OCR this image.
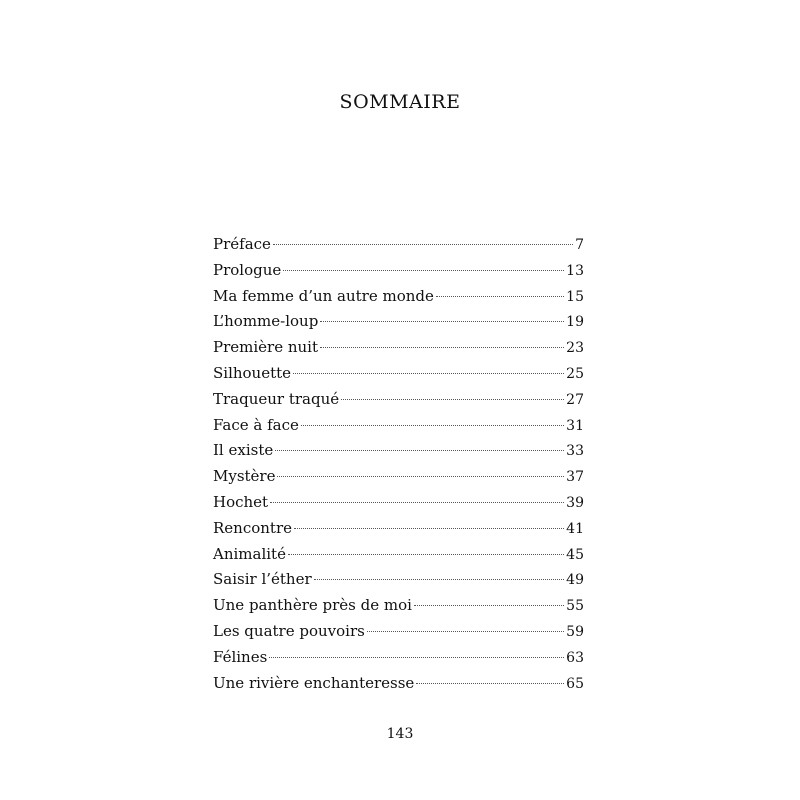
SOMMAIRE
Préface	7
Prologue	13
Ma femme d’un autre monde	15
L’homme-loup	19
Première nuit	23
Silhouette	25
Traqueur traqué	27
Face à face	31
Il existe	33
Mystère	37
Hochet	39
Rencontre	41
Animalité	45
Saisir l’éther	49
Une panthère près de moi	55
Les quatre pouvoirs	59
Félines	63
Une rivière enchanteresse	65
143
